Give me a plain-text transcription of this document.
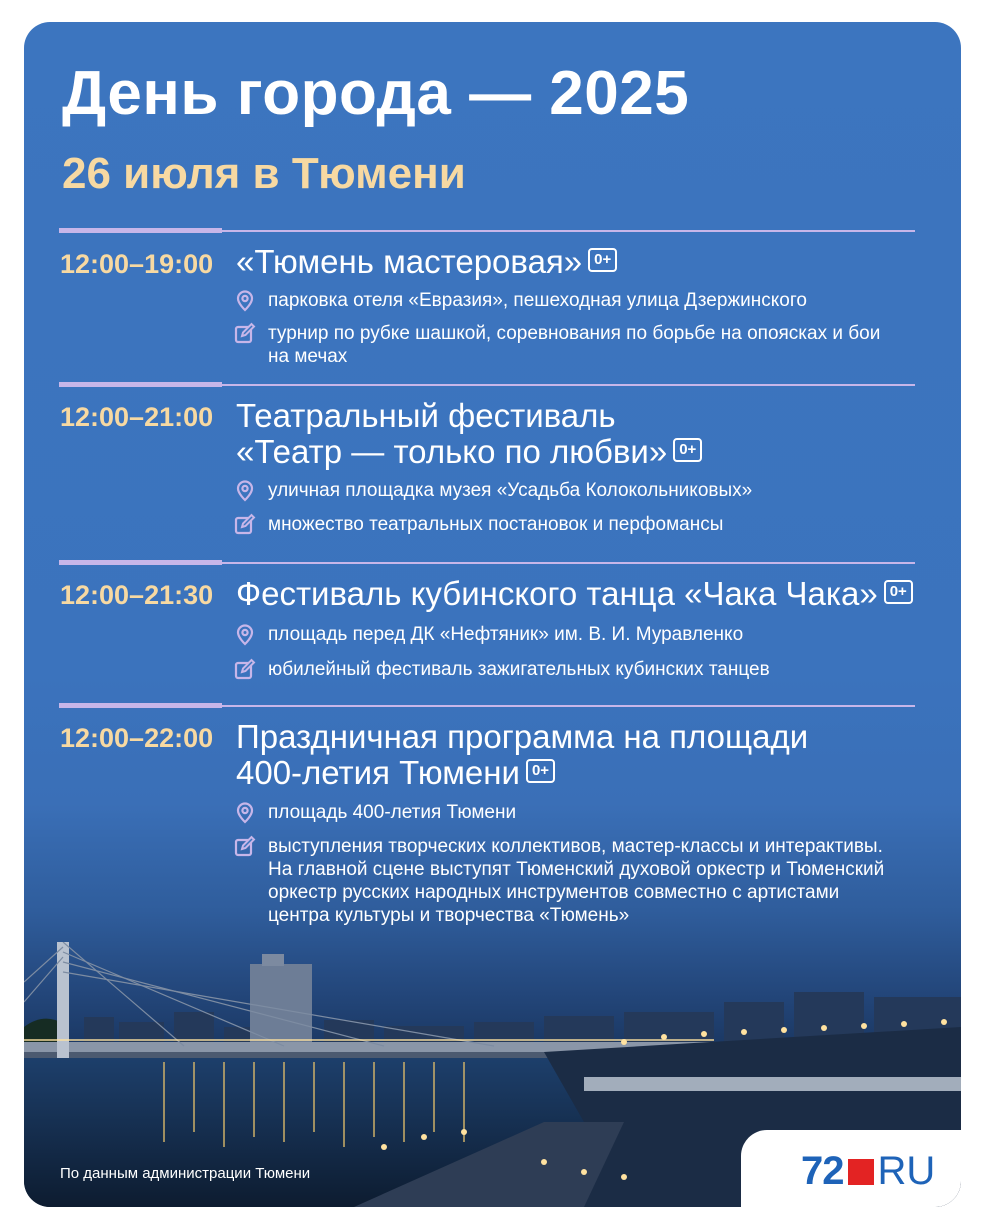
День города — 2025
26 июля в Тюмени
12:00–19:00 «Тюмень мастеровая» 0+
парковка отеля «Евразия», пешеходная улица Дзержинского
турнир по рубке шашкой, соревнования по борьбе на опоясках и бои
на мечах
12:00–21:00 Театральный фестиваль
«Театр — только по любви» 0+
уличная площадка музея «Усадьба Колокольниковых»
множество театральных постановок и перфомансы
12:00–21:30 Фестиваль кубинского танца «Чака Чака» 0+
площадь перед ДК «Нефтяник» им. В. И. Муравленко
юбилейный фестиваль зажигательных кубинских танцев
12:00–22:00 Праздничная программа на площади
400-летия Тюмени 0+
площадь 400-летия Тюмени
выступления творческих коллективов, мастер-классы и интерактивы.
На главной сцене выступят Тюменский духовой оркестр и Тюменский
оркестр русских народных инструментов совместно с артистами
центра культуры и творчества «Тюмень»
По данным администрации Тюмени	72 RU
